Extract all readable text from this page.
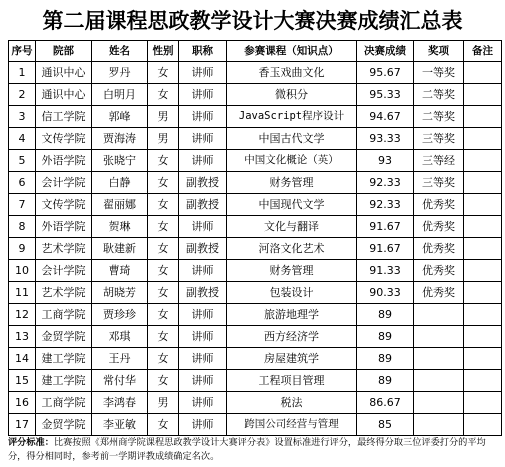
第二届课程思政教学设计大赛决赛成绩汇总表
序号	院部	姓名	性别	职称	参赛课程（知识点）	决赛成绩	奖项	备注
1	通识中心	罗丹	女	讲师	香玉戏曲文化	95.67	一等奖	
2	通识中心	白明月	女	讲师	微积分	95.33	二等奖	
3	信工学院	郭峰	男	讲师	JavaScript程序设计	94.67	二等奖	
4	文传学院	贾海涛	男	讲师	中国古代文学	93.33	三等奖	
5	外语学院	张晓宁	女	讲师	中国文化概论（英）	93	三等经	
6	会计学院	白静	女	副教授	财务管理	92.33	三等奖	
7	文传学院	翟丽娜	女	副教授	中国现代文学	92.33	优秀奖	
8	外语学院	贺琳	女	讲师	文化与翻译	91.67	优秀奖	
9	艺术学院	耿建新	女	副教授	河洛文化艺术	91.67	优秀奖	
10	会计学院	曹琦	女	讲师	财务管理	91.33	优秀奖	
11	艺术学院	胡晓芳	女	副教授	包装设计	90.33	优秀奖	
12	工商学院	贾珍珍	女	讲师	旅游地理学	89		
13	金贸学院	邓琪	女	讲师	西方经济学	89		
14	建工学院	王丹	女	讲师	房屋建筑学	89		
15	建工学院	常付华	女	讲师	工程项目管理	89		
16	工商学院	李鸿春	男	讲师	税法	86.67		
17	金贸学院	李亚敏	女	讲师	跨国公司经营与管理	85		
评分标准：比赛按照《郑州商学院课程思政教学设计大赛评分表》设置标准进行评分，最终得分取三位评委打分的平均分，得分相同时，参考前一学期评教成绩确定名次。
